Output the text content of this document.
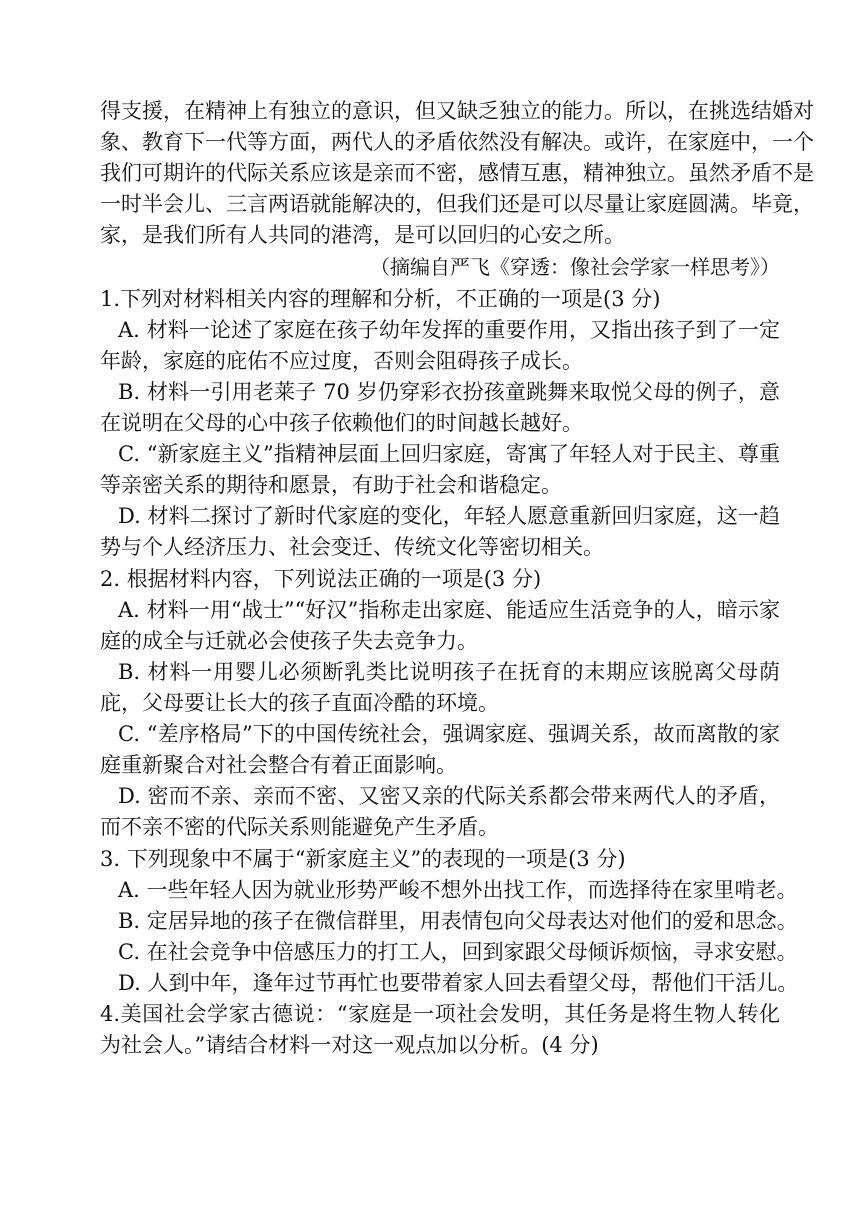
得支援，在精神上有独立的意识，但又缺乏独立的能力。所以，在挑选结婚对
象、教育下一代等方面，两代人的矛盾依然没有解决。或许，在家庭中，一个
我们可期许的代际关系应该是亲而不密，感情互惠，精神独立。虽然矛盾不是
一时半会儿、三言两语就能解决的，但我们还是可以尽量让家庭圆满。毕竟，
家，是我们所有人共同的港湾，是可以回归的心安之所。
（摘编自严飞《穿透：像社会学家一样思考》）
1.下列对材料相关内容的理解和分析，不正确的一项是(3 分)
A. 材料一论述了家庭在孩子幼年发挥的重要作用，又指出孩子到了一定年龄，家庭的庇佑不应过度，否则会阻碍孩子成长。
B. 材料一引用老莱子 70 岁仍穿彩衣扮孩童跳舞来取悦父母的例子，意在说明在父母的心中孩子依赖他们的时间越长越好。
C. “新家庭主义”指精神层面上回归家庭，寄寓了年轻人对于民主、尊重等亲密关系的期待和愿景，有助于社会和谐稳定。
D. 材料二探讨了新时代家庭的变化，年轻人愿意重新回归家庭，这一趋势与个人经济压力、社会变迁、传统文化等密切相关。
2. 根据材料内容，下列说法正确的一项是(3 分)
A. 材料一用“战士”“好汉”指称走出家庭、能适应生活竞争的人，暗示家庭的成全与迁就必会使孩子失去竞争力。
B. 材料一用婴儿必须断乳类比说明孩子在抚育的末期应该脱离父母荫庇，父母要让长大的孩子直面冷酷的环境。
C. “差序格局”下的中国传统社会，强调家庭、强调关系，故而离散的家庭重新聚合对社会整合有着正面影响。
D. 密而不亲、亲而不密、又密又亲的代际关系都会带来两代人的矛盾，而不亲不密的代际关系则能避免产生矛盾。
3. 下列现象中不属于“新家庭主义”的表现的一项是(3 分)
A. 一些年轻人因为就业形势严峻不想外出找工作，而选择待在家里啃老。
B. 定居异地的孩子在微信群里，用表情包向父母表达对他们的爱和思念。
C. 在社会竞争中倍感压力的打工人，回到家跟父母倾诉烦恼，寻求安慰。
D. 人到中年，逢年过节再忙也要带着家人回去看望父母，帮他们干活儿。
4.美国社会学家古德说：“家庭是一项社会发明，其任务是将生物人转化为社会人。”请结合材料一对这一观点加以分析。(4 分)
